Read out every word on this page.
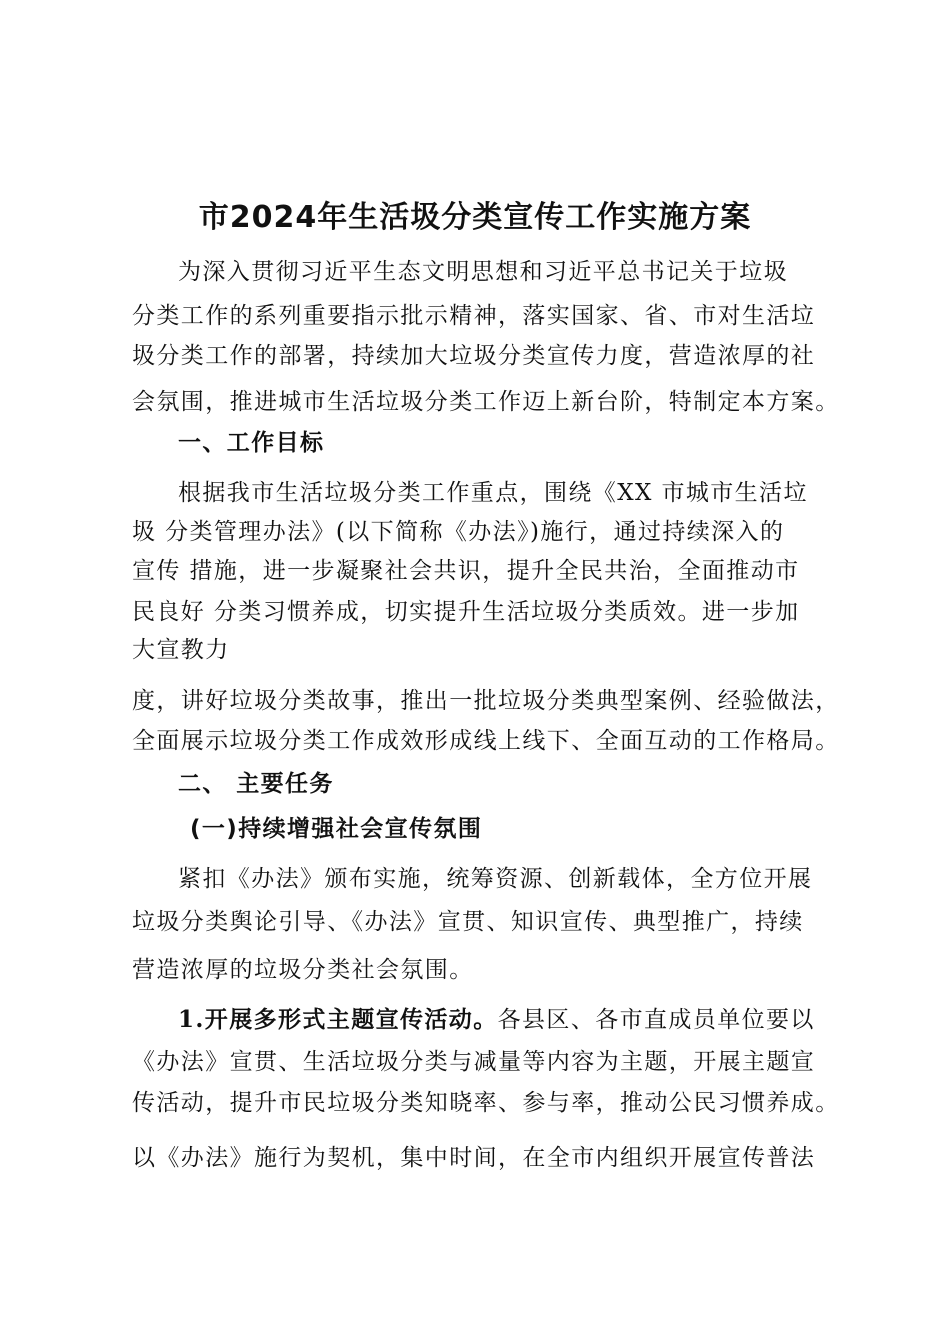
市2024年生活圾分类宣传工作实施方案

为深入贯彻习近平生态文明思想和习近平总书记关于垃圾

分类工作的系列重要指示批示精神，落实国家、省、市对生活垃

圾分类工作的部署，持续加大垃圾分类宣传力度，营造浓厚的社

会氛围，推进城市生活垃圾分类工作迈上新台阶，特制定本方案。

一、工作目标

根据我市生活垃圾分类工作重点，围绕《XX 市城市生活垃

圾 分类管理办法》(以下简称《办法》)施行，通过持续深入的

宣传 措施，进一步凝聚社会共识，提升全民共治，全面推动市

民良好 分类习惯养成，切实提升生活垃圾分类质效。进一步加

大宣教力

度，讲好垃圾分类故事，推出一批垃圾分类典型案例、经验做法，

全面展示垃圾分类工作成效形成线上线下、全面互动的工作格局。

二、 主要任务

(一)持续增强社会宣传氛围

紧扣《办法》颁布实施，统筹资源、创新载体，全方位开展

垃圾分类舆论引导、《办法》宣贯、知识宣传、典型推广，持续

营造浓厚的垃圾分类社会氛围。

1.开展多形式主题宣传活动。各县区、各市直成员单位要以

《办法》宣贯、生活垃圾分类与减量等内容为主题，开展主题宣

传活动，提升市民垃圾分类知晓率、参与率，推动公民习惯养成。

以《办法》施行为契机，集中时间，在全市内组织开展宣传普法
